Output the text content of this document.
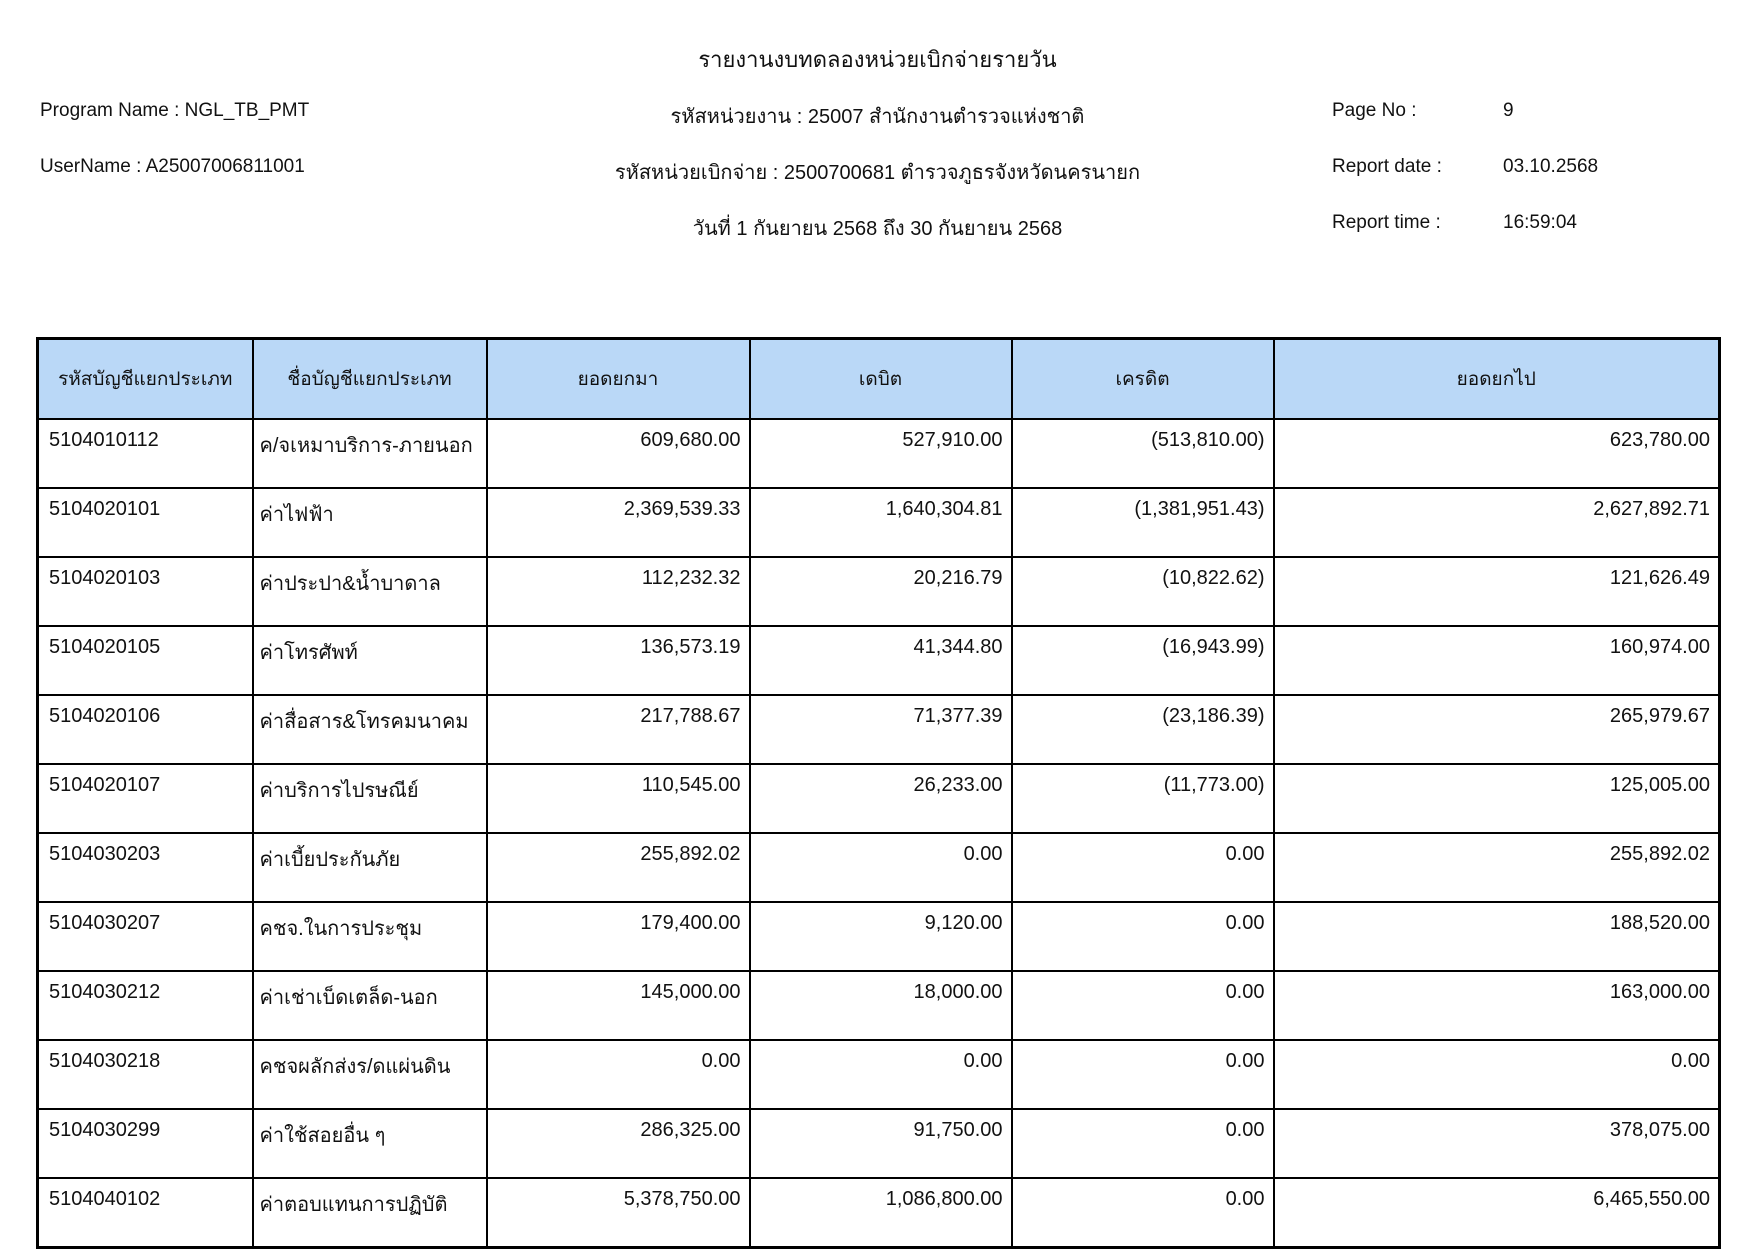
รายงานงบทดลองหน่วยเบิกจ่ายรายวัน
Program Name : NGL_TB_PMT
UserName : A25007006811001
รหัสหน่วยงาน : 25007 สำนักงานตำรวจแห่งชาติ
รหัสหน่วยเบิกจ่าย : 2500700681 ตำรวจภูธรจังหวัดนครนายก
วันที่ 1 กันยายน 2568 ถึง 30 กันยายน 2568
Page No :	9
Report date :	03.10.2568
Report time :	16:59:04
รหัสบัญชีแยกประเภท	ชื่อบัญชีแยกประเภท	ยอดยกมา	เดบิต	เครดิต	ยอดยกไป
5104010112	ค/จเหมาบริการ-ภายนอก	609,680.00	527,910.00	(513,810.00)	623,780.00
5104020101	ค่าไฟฟ้า	2,369,539.33	1,640,304.81	(1,381,951.43)	2,627,892.71
5104020103	ค่าประปา&น้ำบาดาล	112,232.32	20,216.79	(10,822.62)	121,626.49
5104020105	ค่าโทรศัพท์	136,573.19	41,344.80	(16,943.99)	160,974.00
5104020106	ค่าสื่อสาร&โทรคมนาคม	217,788.67	71,377.39	(23,186.39)	265,979.67
5104020107	ค่าบริการไปรษณีย์	110,545.00	26,233.00	(11,773.00)	125,005.00
5104030203	ค่าเบี้ยประกันภัย	255,892.02	0.00	0.00	255,892.02
5104030207	คชจ.ในการประชุม	179,400.00	9,120.00	0.00	188,520.00
5104030212	ค่าเช่าเบ็ดเตล็ด-นอก	145,000.00	18,000.00	0.00	163,000.00
5104030218	คชจผลักส่งร/ดแผ่นดิน	0.00	0.00	0.00	0.00
5104030299	ค่าใช้สอยอื่น ๆ	286,325.00	91,750.00	0.00	378,075.00
5104040102	ค่าตอบแทนการปฏิบัติ	5,378,750.00	1,086,800.00	0.00	6,465,550.00
